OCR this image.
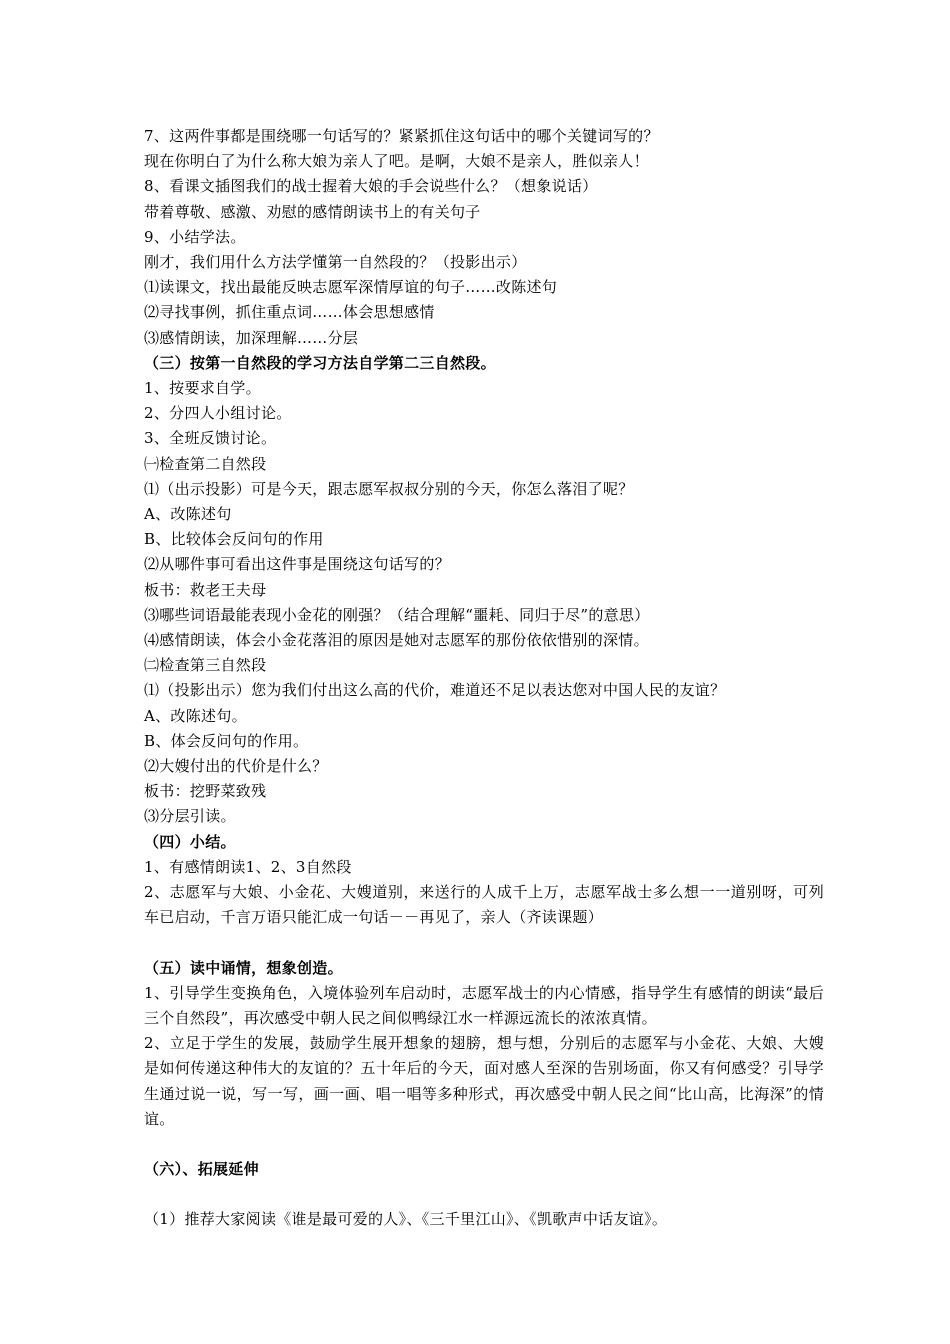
7、这两件事都是围绕哪一句话写的？紧紧抓住这句话中的哪个关键词写的？
现在你明白了为什么称大娘为亲人了吧。是啊，大娘不是亲人，胜似亲人！
8、看课文插图我们的战士握着大娘的手会说些什么？（想象说话）
带着尊敬、感激、劝慰的感情朗读书上的有关句子
9、小结学法。
刚才，我们用什么方法学懂第一自然段的？（投影出示）
⑴读课文，找出最能反映志愿军深情厚谊的句子……改陈述句
⑵寻找事例，抓住重点词……体会思想感情
⑶感情朗读，加深理解……分层
（三）按第一自然段的学习方法自学第二三自然段。
1、按要求自学。
2、分四人小组讨论。
3、全班反馈讨论。
㈠检查第二自然段
⑴（出示投影）可是今天，跟志愿军叔叔分别的今天，你怎么落泪了呢？
A、改陈述句
B、比较体会反问句的作用
⑵从哪件事可看出这件事是围绕这句话写的？
板书：救老王夫母
⑶哪些词语最能表现小金花的刚强？（结合理解“噩耗、同归于尽”的意思）
⑷感情朗读，体会小金花落泪的原因是她对志愿军的那份依依惜别的深情。
㈡检查第三自然段
⑴（投影出示）您为我们付出这么高的代价，难道还不足以表达您对中国人民的友谊？
A、改陈述句。
B、体会反问句的作用。
⑵大嫂付出的代价是什么？
板书：挖野菜致残
⑶分层引读。
（四）小结。
1、有感情朗读1、2、3自然段
2、志愿军与大娘、小金花、大嫂道别，来送行的人成千上万，志愿军战士多么想一一道别呀，可列车已启动，千言万语只能汇成一句话－－再见了，亲人（齐读课题）
（五）读中诵情，想象创造。
1、引导学生变换角色，入境体验列车启动时，志愿军战士的内心情感，指导学生有感情的朗读“最后三个自然段”，再次感受中朝人民之间似鸭绿江水一样源远流长的浓浓真情。
2、立足于学生的发展，鼓励学生展开想象的翅膀，想与想，分别后的志愿军与小金花、大娘、大嫂是如何传递这种伟大的友谊的？五十年后的今天，面对感人至深的告别场面，你又有何感受？引导学生通过说一说，写一写，画一画、唱一唱等多种形式，再次感受中朝人民之间“比山高，比海深”的情谊。
（六）、拓展延伸
（1）推荐大家阅读《谁是最可爱的人》、《三千里江山》、《凯歌声中话友谊》。
